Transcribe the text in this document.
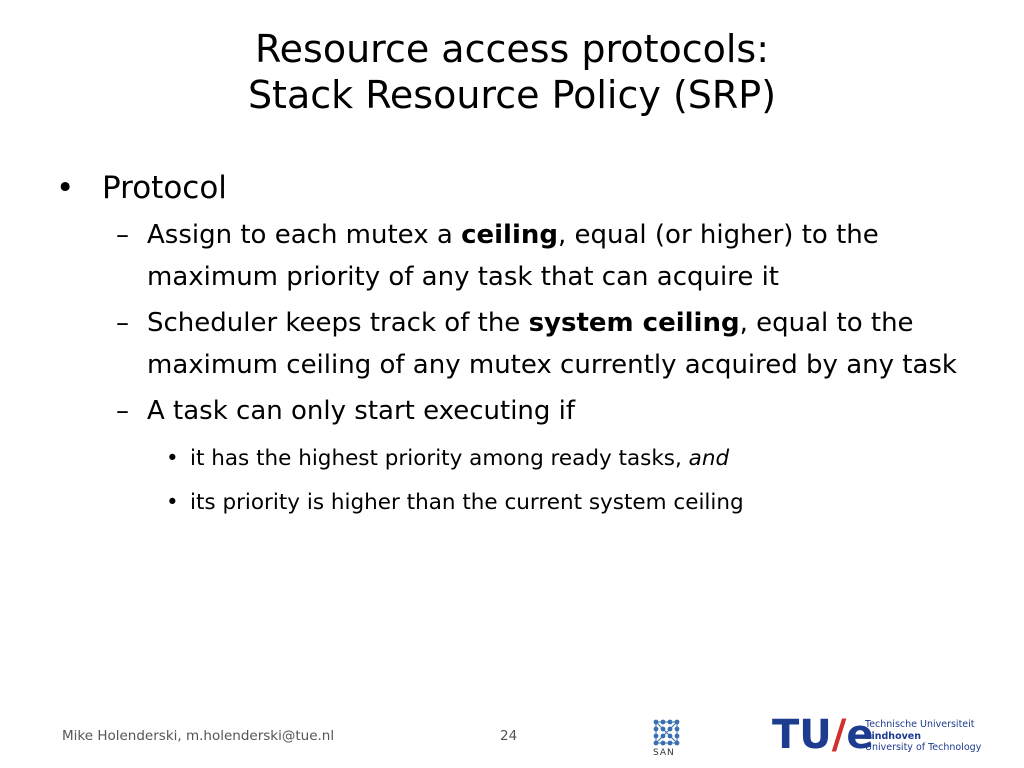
Resource access protocols:
Stack Resource Policy (SRP)
• Protocol
– Assign to each mutex a ceiling, equal (or higher) to the maximum priority of any task that can acquire it
– Scheduler keeps track of the system ceiling, equal to the maximum ceiling of any mutex currently acquired by any task
– A task can only start executing if
• it has the highest priority among ready tasks, and
• its priority is higher than the current system ceiling
Mike Holenderski, m.holenderski@tue.nl	24
SAN TU/e
Technische Universiteit
Eindhoven
University of Technology
